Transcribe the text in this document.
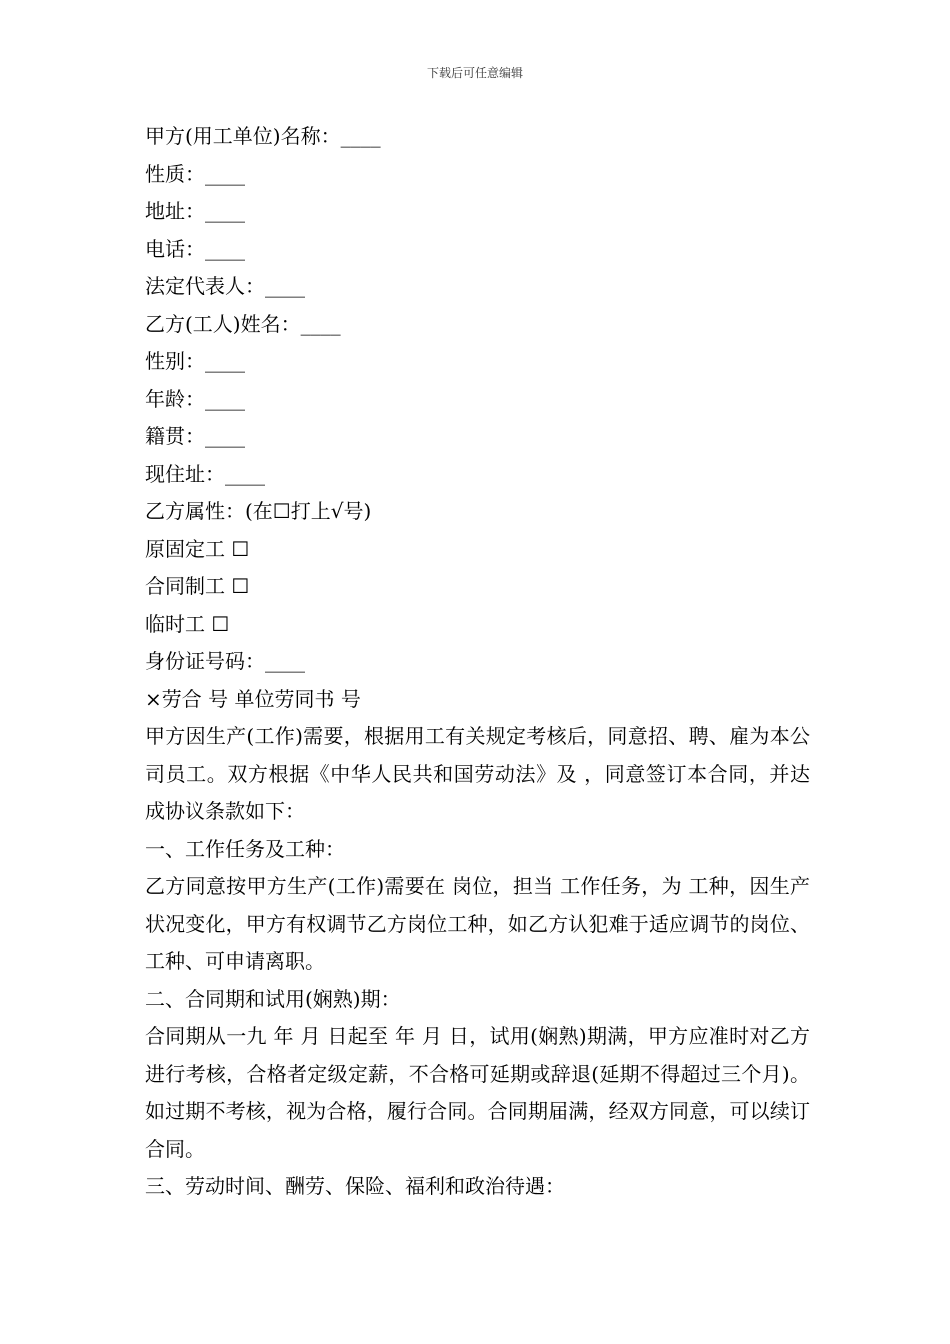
下载后可任意编辑
甲方(用工单位)名称：____
性质：____
地址：____
电话：____
法定代表人：____
乙方(工人)姓名：____
性别：____
年龄：____
籍贯：____
现住址：____
乙方属性：(在☐打上√号)
原固定工 ☐
合同制工 ☐
临时工 ☐
身份证号码：____
×劳合 号 单位劳同书 号

甲方因生产(工作)需要，根据用工有关规定考核后，同意招、聘、雇为本公司员工。双方根据《中华人民共和国劳动法》及 ，同意签订本合同，并达成协议条款如下：

一、工作任务及工种：

乙方同意按甲方生产(工作)需要在 岗位，担当 工作任务，为 工种，因生产状况变化，甲方有权调节乙方岗位工种，如乙方认犯难于适应调节的岗位、工种、可申请离职。

二、合同期和试用(娴熟)期：

合同期从一九 年 月 日起至 年 月 日，试用(娴熟)期满，甲方应准时对乙方进行考核，合格者定级定薪，不合格可延期或辞退(延期不得超过三个月)。如过期不考核，视为合格，履行合同。合同期届满，经双方同意，可以续订合同。

三、劳动时间、酬劳、保险、福利和政治待遇：
